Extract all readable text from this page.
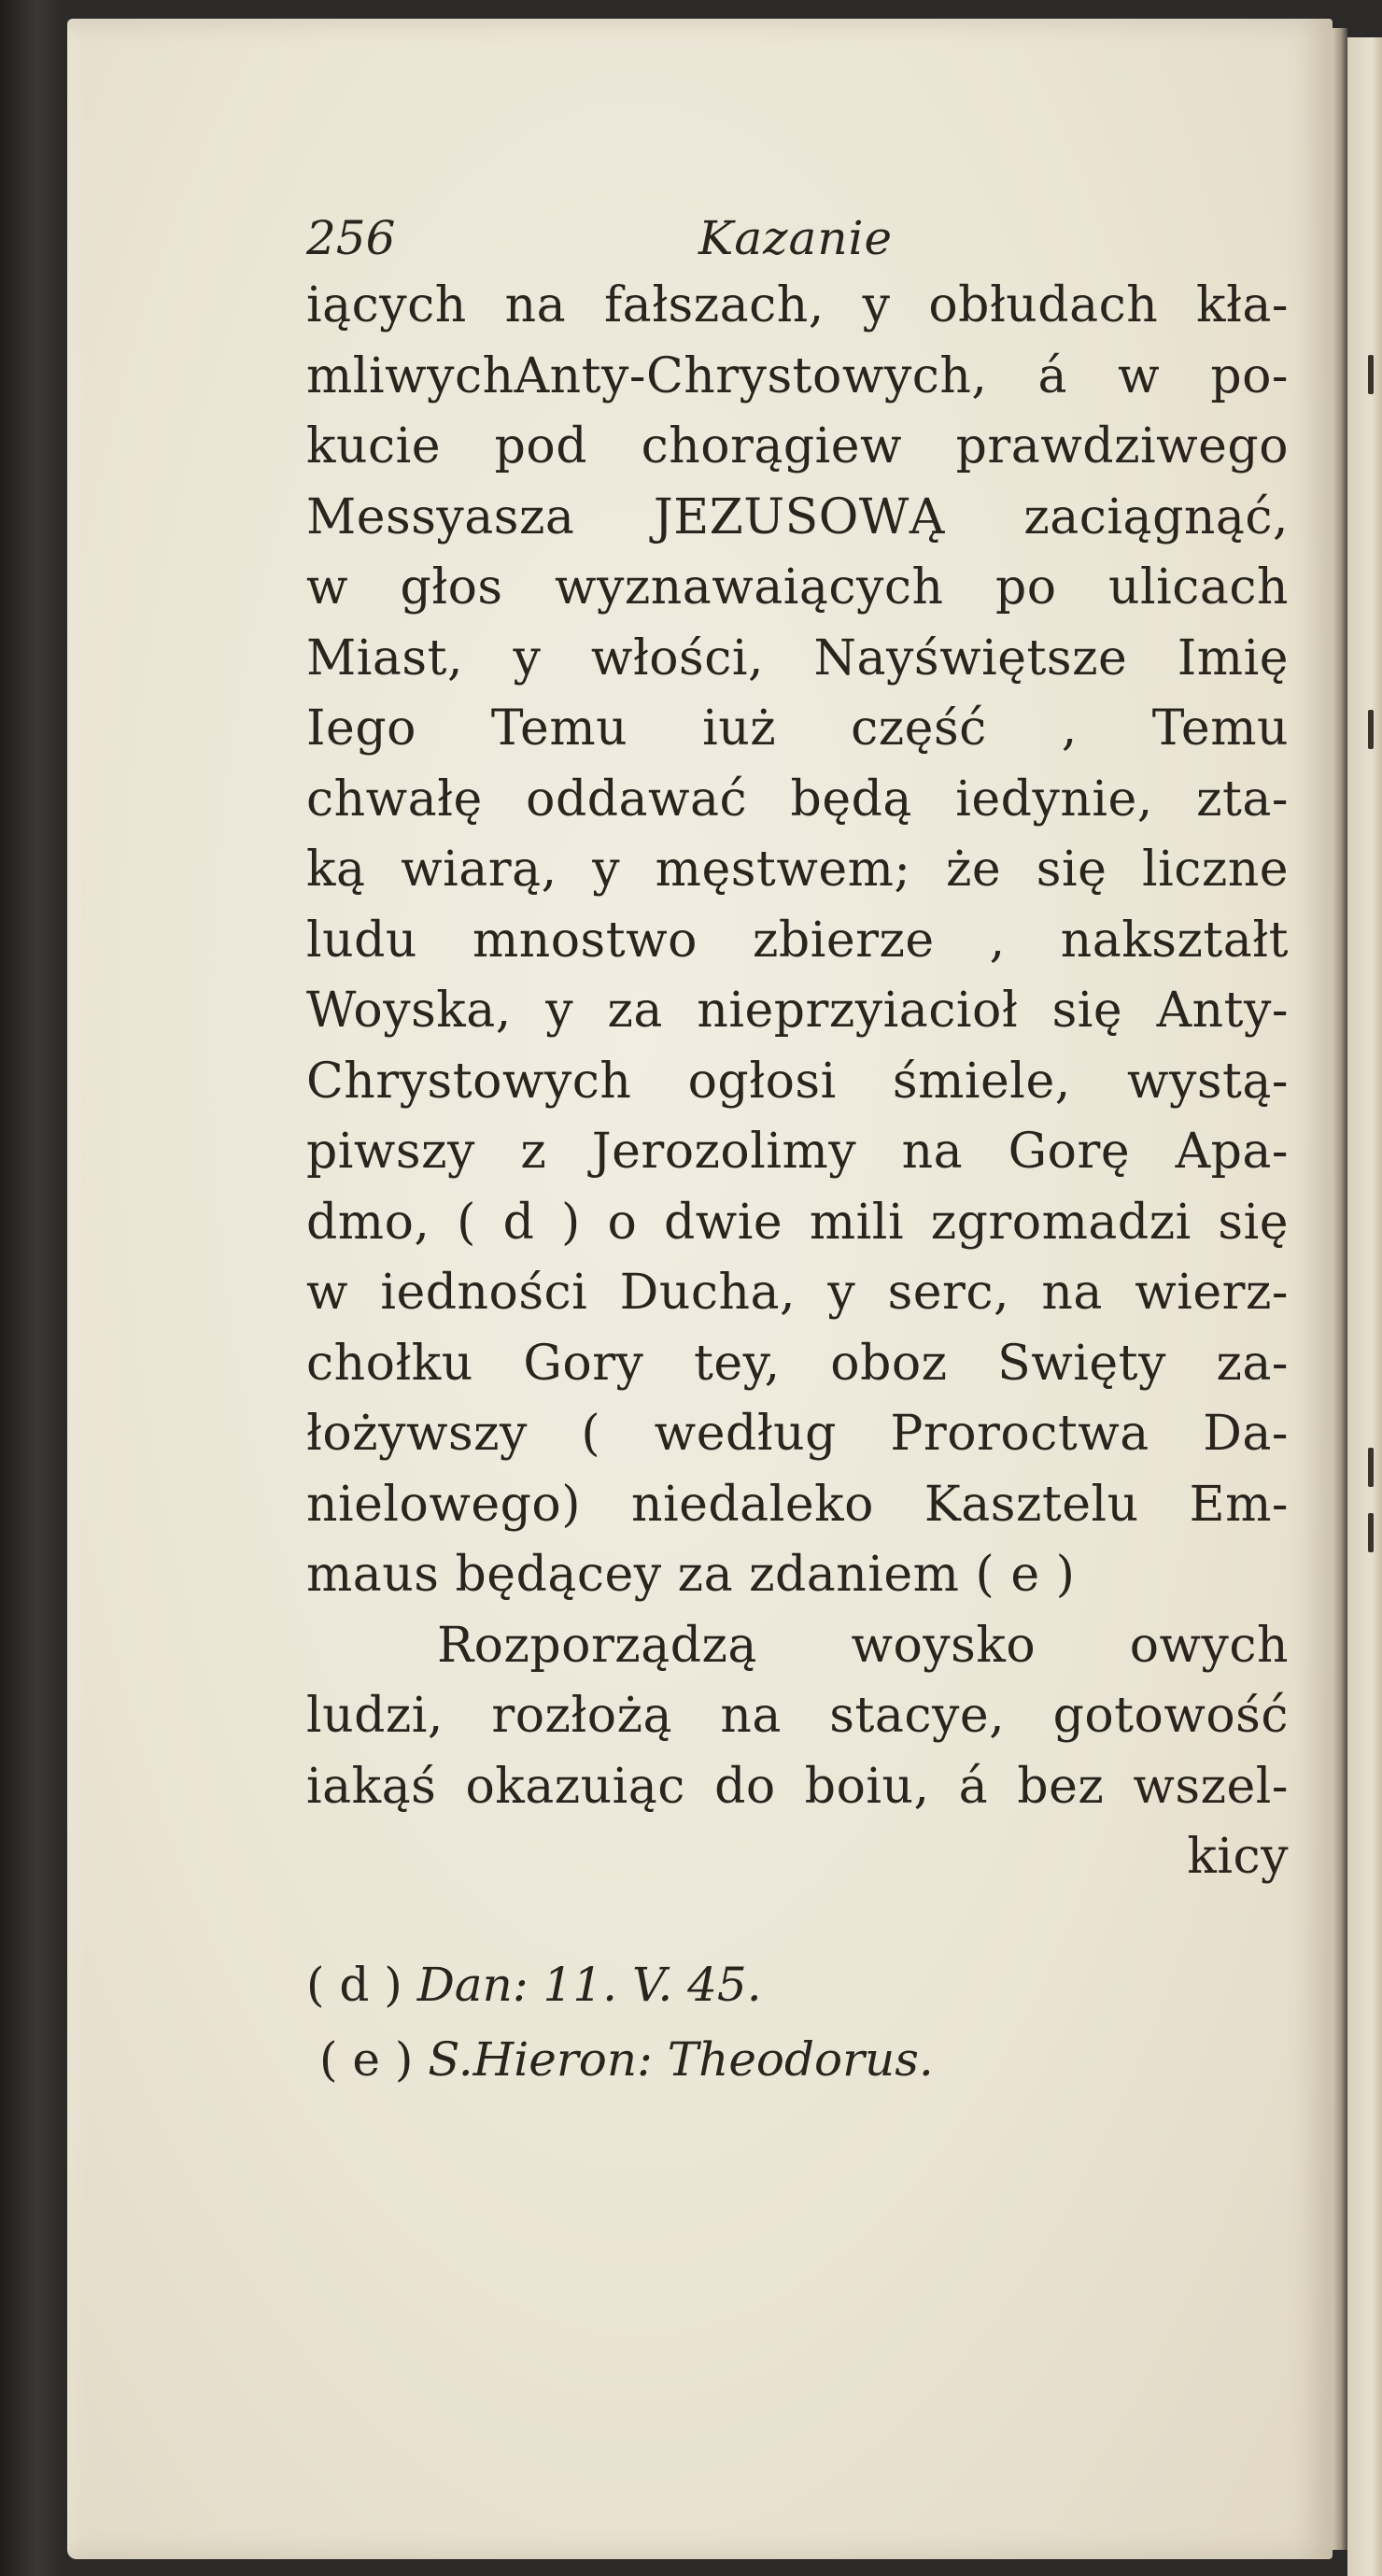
256	Kazanie
iących na fałszach, y obłudach kła-
mliwychAnty-Chrystowych, á w po-
kucie pod chorągiew prawdziwego
Messyasza JEZUSOWĄ zaciągnąć,
w głos wyznawaiących po ulicach
Miast, y włości, Nayświętsze Imię
Iego Temu iuż część , Temu
chwałę oddawać będą iedynie, zta-
ką wiarą, y męstwem; że się liczne
ludu mnostwo zbierze , nakształt
Woyska, y za nieprzyiacioł się Anty-
Chrystowych ogłosi śmiele, wystą-
piwszy z Jerozolimy na Gorę Apa-
dmo, ( d ) o dwie mili zgromadzi się
w iedności Ducha, y serc, na wierz-
chołku Gory tey, oboz Swięty za-
łożywszy ( według Proroctwa Da-
nielowego) niedaleko Kasztelu Em-
maus będącey za zdaniem ( e )
Rozporządzą woysko owych
ludzi, rozłożą na stacye, gotowość
iakąś okazuiąc do boiu, á bez wszel-
kicy
( d ) Dan: 11. V. 45.
( e ) S.Hieron: Theodorus.
